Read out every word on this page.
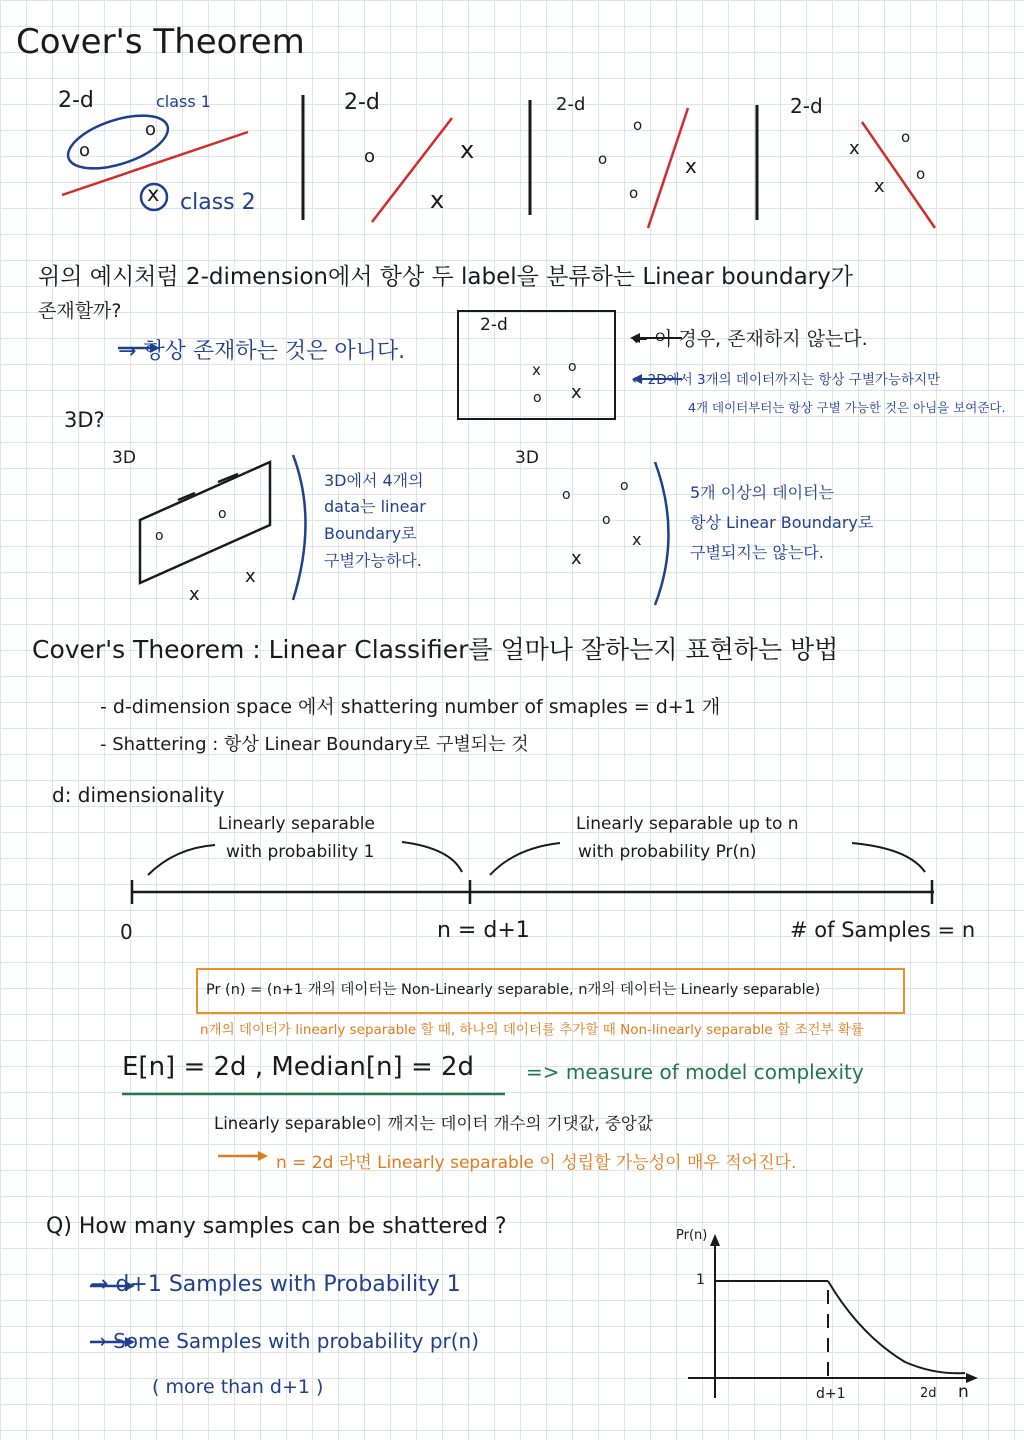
Cover's Theorem
2-d	class 1
o
o
x class 2
2-d
o	x
x
2-d
o
o
o
x
2-d
x
o
x
o
위의 예시처럼 2-dimension에서 항상 두 label을 분류하는 Linear boundary가
존재할까?
→ 항상 존재하는 것은 아니다.
2-d
x o
o x
← 이 경우, 존재하지 않는다.
← 2D에서 3개의 데이터까지는 항상 구별가능하지만
4개 데이터부터는 항상 구별 가능한 것은 아님을 보여준다.
3D?
3D
o
o
x
x
3D에서 4개의
data는 linear
Boundary로
구별가능하다.
3D
o
o
o
x
x
5개 이상의 데이터는
항상 Linear Boundary로
구별되지는 않는다.
Cover's Theorem : Linear Classifier를 얼마나 잘하는지 표현하는 방법
- d-dimension space 에서 shattering number of smaples = d+1 개
- Shattering : 항상 Linear Boundary로 구별되는 것
d: dimensionality
Linearly separable
with probability 1
Linearly separable up to n
with probability Pr(n)
0	n = d+1	# of Samples = n
Pr (n) = (n+1 개의 데이터는 Non-Linearly separable, n개의 데이터는 Linearly separable)
n개의 데이터가 linearly separable 할 때, 하나의 데이터를 추가할 때 Non-linearly separable 할 조건부 확률
E[n] = 2d , Median[n] = 2d	=> measure of model complexity
Linearly separable이 깨지는 데이터 개수의 기댓값, 중앙값
n = 2d 라면 Linearly separable 이 성립할 가능성이 매우 적어진다.
Q) How many samples can be shattered ?
→ d+1 Samples with Probability 1
→ Some Samples with probability pr(n)
( more than d+1 )
Pr(n)
1
d+1	2d n
